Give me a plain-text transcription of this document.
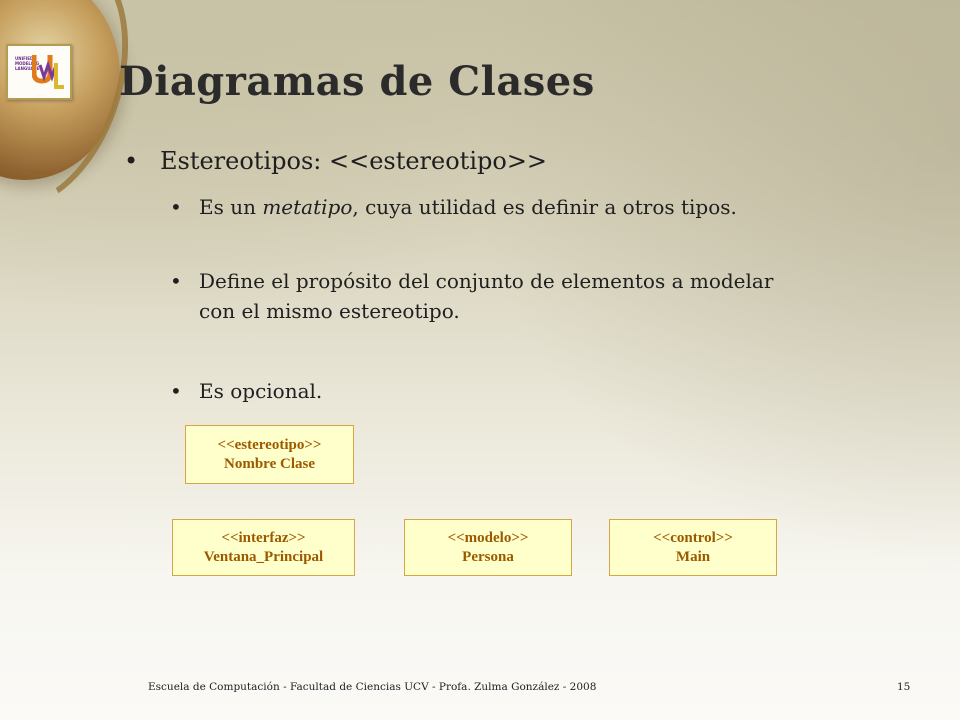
UNIFIED MODELING LANGUAGE Diagramas de Clases
• Estereotipos: <<estereotipo>>
• Es un metatipo, cuya utilidad es definir a otros tipos.
• Define el propósito del conjunto de elementos a modelar
con el mismo estereotipo.
• Es opcional.
<<estereotipo>>
Nombre Clase
<<interfaz>>
Ventana_Principal
<<modelo>>
Persona
<<control>>
Main
Escuela de Computación - Facultad de Ciencias UCV - Profa. Zulma González - 2008	15
